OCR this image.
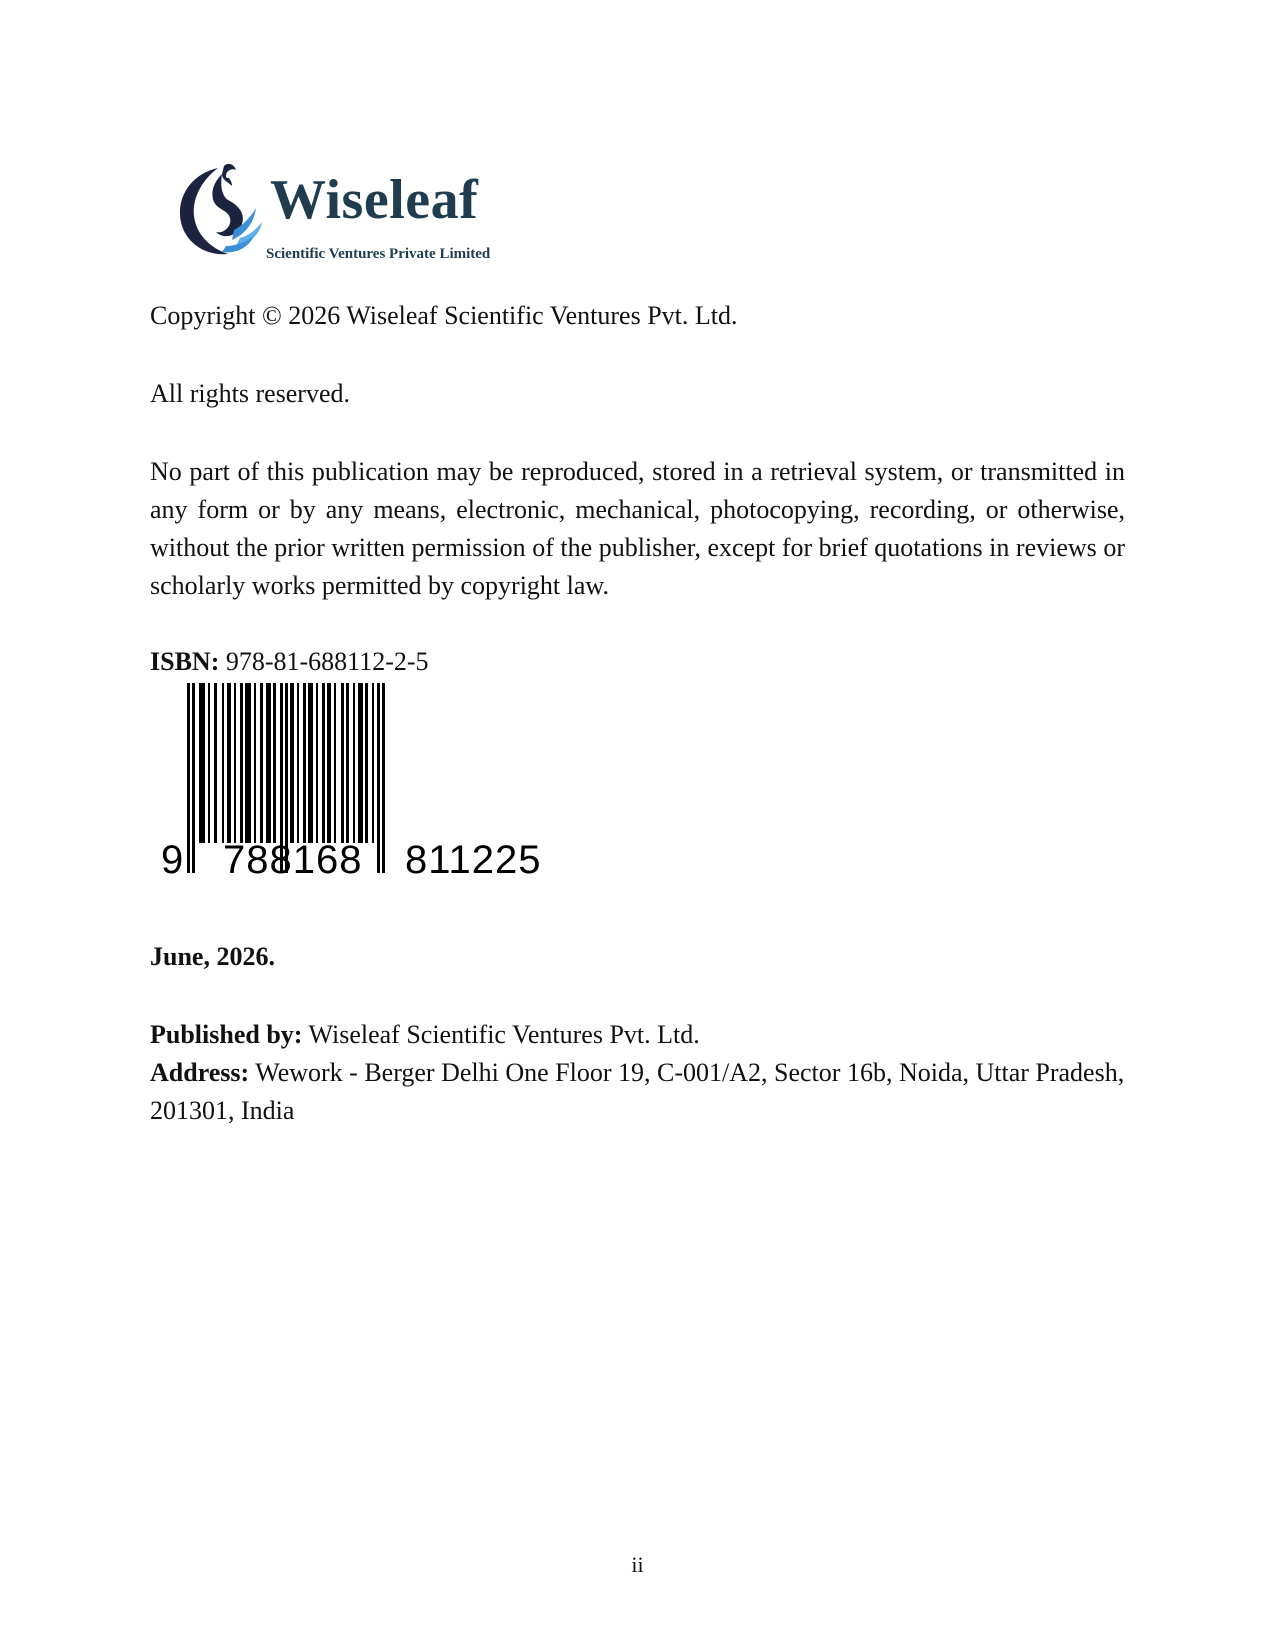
Wiseleaf
Scientific Ventures Private Limited
Copyright © 2026 Wiseleaf Scientific Ventures Pvt. Ltd.
All rights reserved.
No part of this publication may be reproduced, stored in a retrieval system, or transmitted in any form or by any means, electronic, mechanical, photocopying, recording, or otherwise, without the prior written permission of the publisher, except for brief quotations in reviews or scholarly works permitted by copyright law.
ISBN: 978-81-688112-2-5
9 788168 811225
June, 2026.
Published by: Wiseleaf Scientific Ventures Pvt. Ltd.
Address: Wework - Berger Delhi One Floor 19, C-001/A2, Sector 16b, Noida, Uttar Pradesh, 201301, India
ii
